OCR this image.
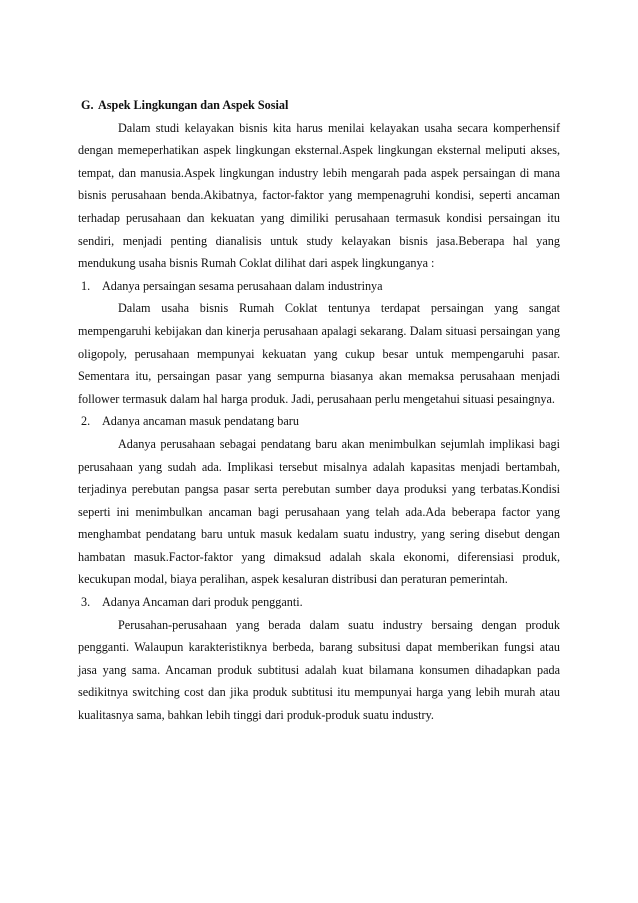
G. Aspek Lingkungan dan Aspek Sosial

Dalam studi kelayakan bisnis kita harus menilai kelayakan usaha secara komperhensif dengan memeperhatikan aspek lingkungan eksternal.Aspek lingkungan eksternal meliputi akses, tempat, dan manusia.Aspek lingkungan industry lebih mengarah pada aspek persaingan di mana bisnis perusahaan benda.Akibatnya, factor-faktor yang mempenagruhi kondisi, seperti ancaman terhadap perusahaan dan kekuatan yang dimiliki perusahaan termasuk kondisi persaingan itu sendiri, menjadi penting dianalisis untuk study kelayakan bisnis jasa.Beberapa hal yang mendukung usaha bisnis Rumah Coklat dilihat dari aspek lingkunganya :

1. Adanya persaingan sesama perusahaan dalam industrinya

Dalam usaha bisnis Rumah Coklat tentunya terdapat persaingan yang sangat mempengaruhi kebijakan dan kinerja perusahaan apalagi sekarang. Dalam situasi persaingan yang oligopoly, perusahaan mempunyai kekuatan yang cukup besar untuk mempengaruhi pasar. Sementara itu, persaingan pasar yang sempurna biasanya akan memaksa perusahaan menjadi follower termasuk dalam hal harga produk. Jadi, perusahaan perlu mengetahui situasi pesaingnya.

2. Adanya ancaman masuk pendatang baru

Adanya perusahaan sebagai pendatang baru akan menimbulkan sejumlah implikasi bagi perusahaan yang sudah ada. Implikasi tersebut misalnya adalah kapasitas menjadi bertambah, terjadinya perebutan pangsa pasar serta perebutan sumber daya produksi yang terbatas.Kondisi seperti ini menimbulkan ancaman bagi perusahaan yang telah ada.Ada beberapa factor yang menghambat pendatang baru untuk masuk kedalam suatu industry, yang sering disebut dengan hambatan masuk.Factor-faktor yang dimaksud adalah skala ekonomi, diferensiasi produk, kecukupan modal, biaya peralihan, aspek kesaluran distribusi dan peraturan pemerintah.

3. Adanya Ancaman dari produk pengganti.

Perusahan-perusahaan yang berada dalam suatu industry bersaing dengan produk pengganti. Walaupun karakteristiknya berbeda, barang subsitusi dapat memberikan fungsi atau jasa yang sama. Ancaman produk subtitusi adalah kuat bilamana konsumen dihadapkan pada sedikitnya switching cost dan jika produk subtitusi itu mempunyai harga yang lebih murah atau kualitasnya sama, bahkan lebih tinggi dari produk-produk suatu industry.
